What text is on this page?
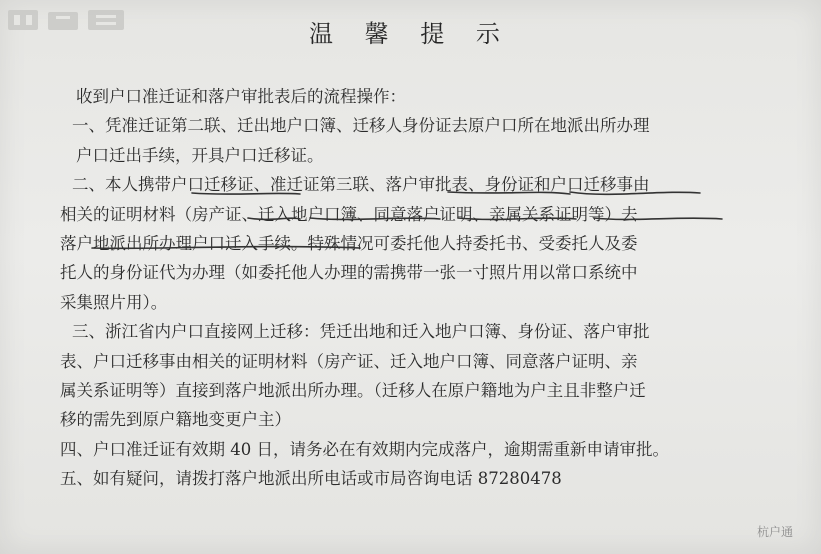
温 馨 提 示
收到户口准迁证和落户审批表后的流程操作：
一、凭准迁证第二联、迁出地户口簿、迁移人身份证去原户口所在地派出所办理
户口迁出手续，开具户口迁移证。
二、本人携带户口迁移证、准迁证第三联、落户审批表、身份证和户口迁移事由
相关的证明材料（房产证、迁入地户口簿、同意落户证明、亲属关系证明等）去
落户地派出所办理户口迁入手续。特殊情况可委托他人持委托书、受委托人及委
托人的身份证代为办理（如委托他人办理的需携带一张一寸照片用以常口系统中
采集照片用）。
三、浙江省内户口直接网上迁移：凭迁出地和迁入地户口簿、身份证、落户审批
表、户口迁移事由相关的证明材料（房产证、迁入地户口簿、同意落户证明、亲
属关系证明等）直接到落户地派出所办理。（迁移人在原户籍地为户主且非整户迁
移的需先到原户籍地变更户主）
四、户口准迁证有效期 40 日，请务必在有效期内完成落户，逾期需重新申请审批。
五、如有疑问，请拨打落户地派出所电话或市局咨询电话 87280478
杭户通
